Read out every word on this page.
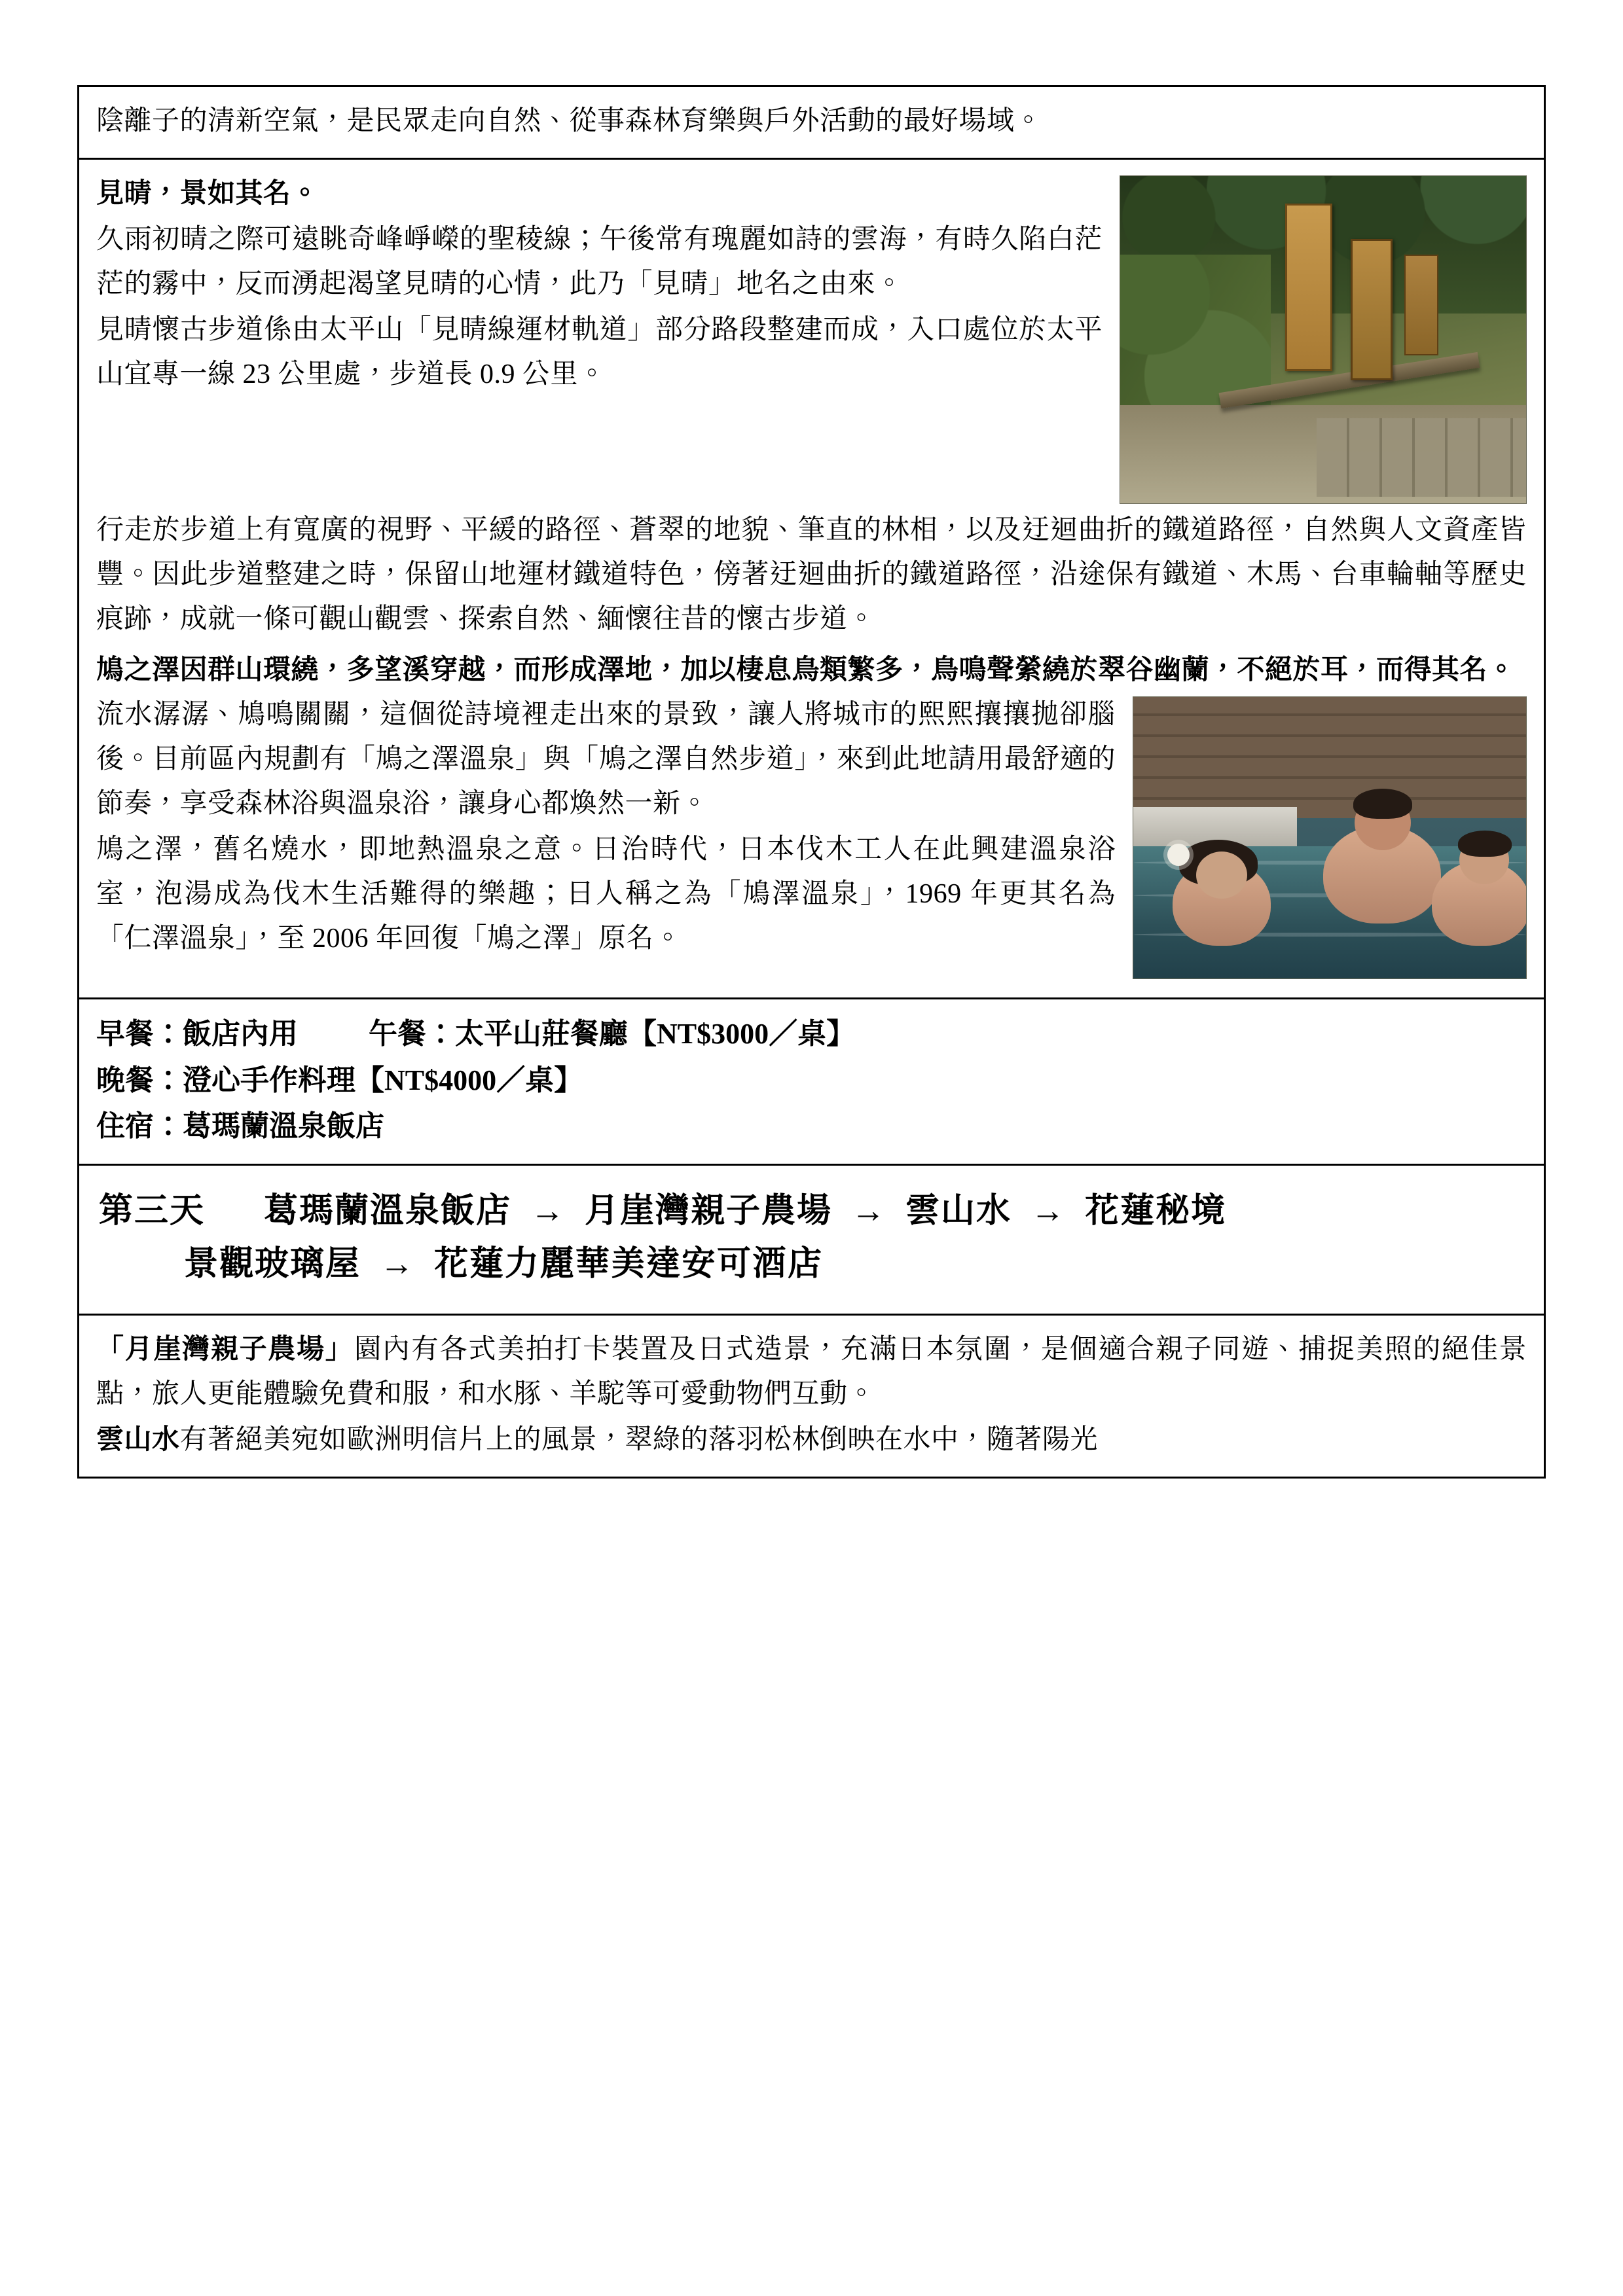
陰離子的清新空氣，是民眾走向自然、從事森林育樂與戶外活動的最好場域。

見晴，景如其名。

久雨初晴之際可遠眺奇峰崢嶸的聖稜線；午後常有瑰麗如詩的雲海，有時久陷白茫茫的霧中，反而湧起渴望見晴的心情，此乃「見晴」地名之由來。

見晴懷古步道係由太平山「見晴線運材軌道」部分路段整建而成，入口處位於太平山宜專一線 23 公里處，步道長 0.9 公里。

行走於步道上有寬廣的視野、平緩的路徑、蒼翠的地貌、筆直的林相，以及迂迴曲折的鐵道路徑，自然與人文資產皆豐。因此步道整建之時，保留山地運材鐵道特色，傍著迂迴曲折的鐵道路徑，沿途保有鐵道、木馬、台車輪軸等歷史痕跡，成就一條可觀山觀雲、探索自然、緬懷往昔的懷古步道。

鳩之澤因群山環繞，多望溪穿越，而形成澤地，加以棲息鳥類繁多，鳥鳴聲縈繞於翠谷幽蘭，不絕於耳，而得其名。

流水潺潺、鳩鳴關關，這個從詩境裡走出來的景致，讓人將城市的熙熙攘攘拋卻腦後。目前區內規劃有「鳩之澤溫泉」與「鳩之澤自然步道」，來到此地請用最舒適的節奏，享受森林浴與溫泉浴，讓身心都煥然一新。

鳩之澤，舊名燒水，即地熱溫泉之意。日治時代，日本伐木工人在此興建溫泉浴室，泡湯成為伐木生活難得的樂趣；日人稱之為「鳩澤溫泉」，1969 年更其名為「仁澤溫泉」，至 2006 年回復「鳩之澤」原名。

早餐：飯店內用 午餐：太平山莊餐廳【NT$3000／桌】

晚餐：澄心手作料理【NT$4000／桌】

住宿：葛瑪蘭溫泉飯店

第三天 葛瑪蘭溫泉飯店 → 月崖灣親子農場 → 雲山水 → 花蓮秘境
景觀玻璃屋 → 花蓮力麗華美達安可酒店

「月崖灣親子農場」園內有各式美拍打卡裝置及日式造景，充滿日本氛圍，是個適合親子同遊、捕捉美照的絕佳景點，旅人更能體驗免費和服，和水豚、羊駝等可愛動物們互動。

雲山水有著絕美宛如歐洲明信片上的風景，翠綠的落羽松林倒映在水中，隨著陽光
